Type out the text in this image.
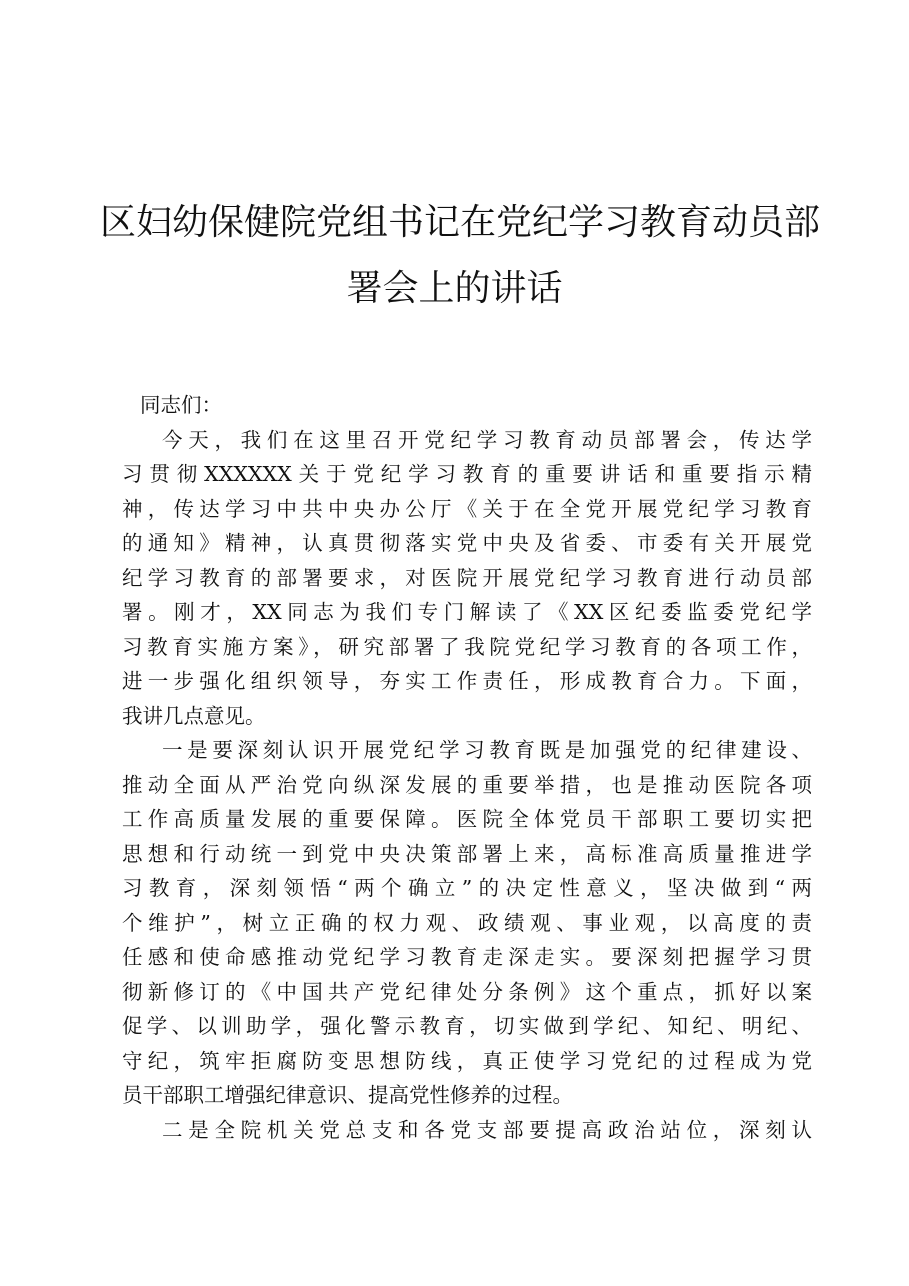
区妇幼保健院党组书记在党纪学习教育动员部
署会上的讲话
同志们：
今天，我们在这里召开党纪学习教育动员部署会，传达学
习贯彻XXXXXX关于党纪学习教育的重要讲话和重要指示精
神，传达学习中共中央办公厅《关于在全党开展党纪学习教育
的通知》精神，认真贯彻落实党中央及省委、市委有关开展党
纪学习教育的部署要求，对医院开展党纪学习教育进行动员部
署。刚才，XX同志为我们专门解读了《XX区纪委监委党纪学
习教育实施方案》，研究部署了我院党纪学习教育的各项工作，
进一步强化组织领导，夯实工作责任，形成教育合力。下面，
我讲几点意见。
一是要深刻认识开展党纪学习教育既是加强党的纪律建设、
推动全面从严治党向纵深发展的重要举措，也是推动医院各项
工作高质量发展的重要保障。医院全体党员干部职工要切实把
思想和行动统一到党中央决策部署上来，高标准高质量推进学
习教育，深刻领悟“两个确立”的决定性意义，坚决做到“两
个维护”，树立正确的权力观、政绩观、事业观，以高度的责
任感和使命感推动党纪学习教育走深走实。要深刻把握学习贯
彻新修订的《中国共产党纪律处分条例》这个重点，抓好以案
促学、以训助学，强化警示教育，切实做到学纪、知纪、明纪、
守纪，筑牢拒腐防变思想防线，真正使学习党纪的过程成为党
员干部职工增强纪律意识、提高党性修养的过程。
二是全院机关党总支和各党支部要提高政治站位，深刻认
